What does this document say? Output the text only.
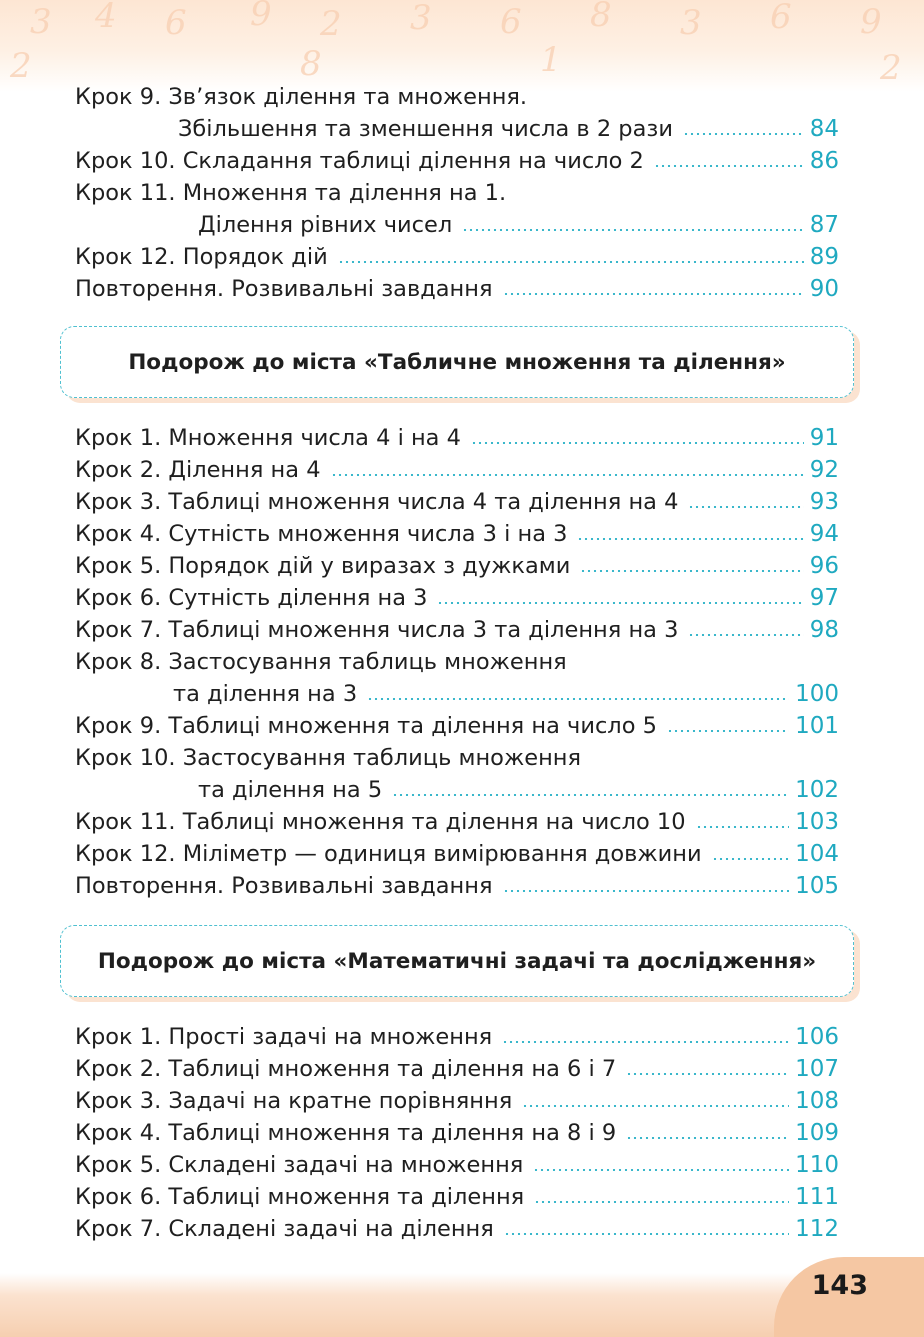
3 4 6 9 2 3 6 8 3 6 9
2	8	1	2
Крок 9. Зв’язок ділення та множення.
Збільшення та зменшення числа в 2 рази	84
Крок 10. Складання таблиці ділення на число 2	86
Крок 11. Множення та ділення на 1.
Ділення рівних чисел	87
Крок 12. Порядок дій	89
Повторення. Розвивальні завдання	90
Подорож до міста «Табличне множення та ділення»
Крок 1. Множення числа 4 і на 4	91
Крок 2. Ділення на 4	92
Крок 3. Таблиці множення числа 4 та ділення на 4	93
Крок 4. Сутність множення числа 3 і на 3	94
Крок 5. Порядок дій у виразах з дужками	96
Крок 6. Сутність ділення на 3	97
Крок 7. Таблиці множення числа 3 та ділення на 3	98
Крок 8. Застосування таблиць множення
та ділення на 3	100
Крок 9. Таблиці множення та ділення на число 5	101
Крок 10. Застосування таблиць множення
та ділення на 5	102
Крок 11. Таблиці множення та ділення на число 10	103
Крок 12. Міліметр — одиниця вимірювання довжини	104
Повторення. Розвивальні завдання	105
Подорож до міста «Математичні задачі та дослідження»
Крок 1. Прості задачі на множення	106
Крок 2. Таблиці множення та ділення на 6 і 7	107
Крок 3. Задачі на кратне порівняння	108
Крок 4. Таблиці множення та ділення на 8 і 9	109
Крок 5. Складені задачі на множення	110
Крок 6. Таблиці множення та ділення	111
Крок 7. Складені задачі на ділення	112
143
